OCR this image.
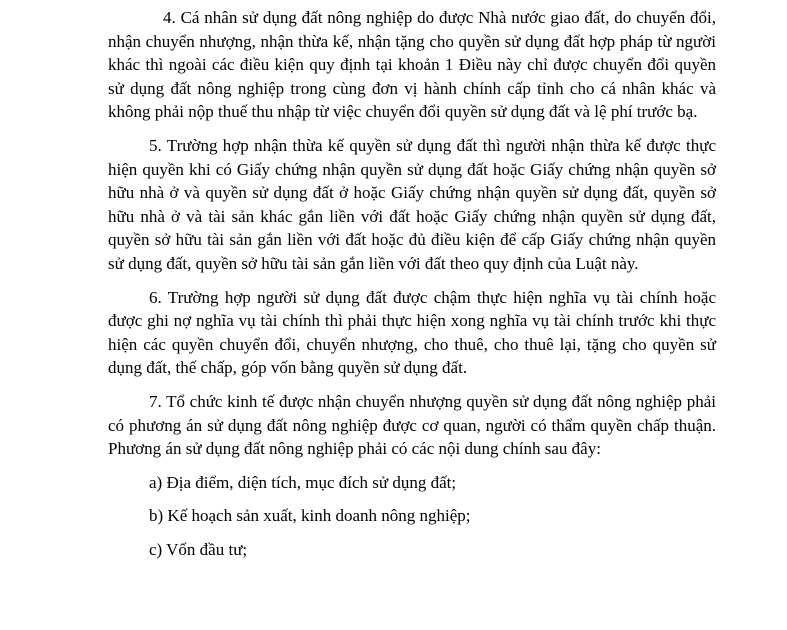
4. Cá nhân sử dụng đất nông nghiệp do được Nhà nước giao đất, do chuyển đổi, nhận chuyển nhượng, nhận thừa kế, nhận tặng cho quyền sử dụng đất hợp pháp từ người khác thì ngoài các điều kiện quy định tại khoản 1 Điều này chỉ được chuyển đổi quyền sử dụng đất nông nghiệp trong cùng đơn vị hành chính cấp tỉnh cho cá nhân khác và không phải nộp thuế thu nhập từ việc chuyển đổi quyền sử dụng đất và lệ phí trước bạ.

5. Trường hợp nhận thừa kế quyền sử dụng đất thì người nhận thừa kế được thực hiện quyền khi có Giấy chứng nhận quyền sử dụng đất hoặc Giấy chứng nhận quyền sở hữu nhà ở và quyền sử dụng đất ở hoặc Giấy chứng nhận quyền sử dụng đất, quyền sở hữu nhà ở và tài sản khác gắn liền với đất hoặc Giấy chứng nhận quyền sử dụng đất, quyền sở hữu tài sản gắn liền với đất hoặc đủ điều kiện để cấp Giấy chứng nhận quyền sử dụng đất, quyền sở hữu tài sản gắn liền với đất theo quy định của Luật này.

6. Trường hợp người sử dụng đất được chậm thực hiện nghĩa vụ tài chính hoặc được ghi nợ nghĩa vụ tài chính thì phải thực hiện xong nghĩa vụ tài chính trước khi thực hiện các quyền chuyển đổi, chuyển nhượng, cho thuê, cho thuê lại, tặng cho quyền sử dụng đất, thế chấp, góp vốn bằng quyền sử dụng đất.

7. Tổ chức kinh tế được nhận chuyển nhượng quyền sử dụng đất nông nghiệp phải có phương án sử dụng đất nông nghiệp được cơ quan, người có thẩm quyền chấp thuận. Phương án sử dụng đất nông nghiệp phải có các nội dung chính sau đây:

a) Địa điểm, diện tích, mục đích sử dụng đất;

b) Kế hoạch sản xuất, kinh doanh nông nghiệp;

c) Vốn đầu tư;
